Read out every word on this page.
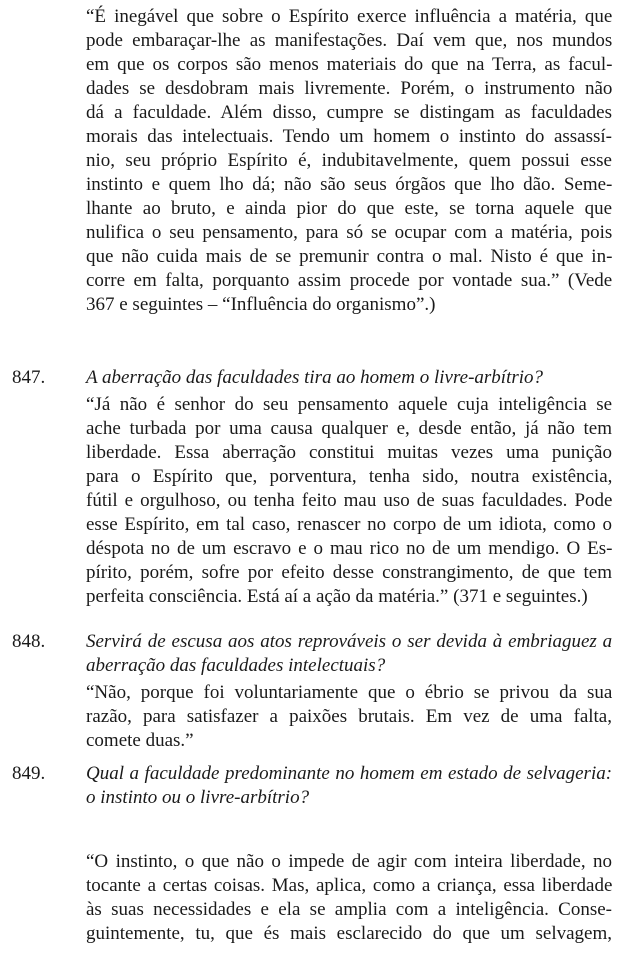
“É inegável que sobre o Espírito exerce influência a matéria, que
pode embaraçar-lhe as manifestações. Daí vem que, nos mundos
em que os corpos são menos materiais do que na Terra, as facul-
dades se desdobram mais livremente. Porém, o instrumento não
dá a faculdade. Além disso, cumpre se distingam as faculdades
morais das intelectuais. Tendo um homem o instinto do assassí-
nio, seu próprio Espírito é, indubitavelmente, quem possui esse
instinto e quem lho dá; não são seus órgãos que lho dão. Seme-
lhante ao bruto, e ainda pior do que este, se torna aquele que
nulifica o seu pensamento, para só se ocupar com a matéria, pois
que não cuida mais de se premunir contra o mal. Nisto é que in-
corre em falta, porquanto assim procede por vontade sua.” (Vede
367 e seguintes – “Influência do organismo”.)
847. A aberração das faculdades tira ao homem o livre-arbítrio?
“Já não é senhor do seu pensamento aquele cuja inteligência se
ache turbada por uma causa qualquer e, desde então, já não tem
liberdade. Essa aberração constitui muitas vezes uma punição
para o Espírito que, porventura, tenha sido, noutra existência,
fútil e orgulhoso, ou tenha feito mau uso de suas faculdades. Pode
esse Espírito, em tal caso, renascer no corpo de um idiota, como o
déspota no de um escravo e o mau rico no de um mendigo. O Es-
pírito, porém, sofre por efeito desse constrangimento, de que tem
perfeita consciência. Está aí a ação da matéria.” (371 e seguintes.)
848. Servirá de escusa aos atos reprováveis o ser devida à embriaguez a
aberração das faculdades intelectuais?
“Não, porque foi voluntariamente que o ébrio se privou da sua
razão, para satisfazer a paixões brutais. Em vez de uma falta,
comete duas.”
849. Qual a faculdade predominante no homem em estado de selvageria:
o instinto ou o livre-arbítrio?
“O instinto, o que não o impede de agir com inteira liberdade, no
tocante a certas coisas. Mas, aplica, como a criança, essa liberdade
às suas necessidades e ela se amplia com a inteligência. Conse-
guintemente, tu, que és mais esclarecido do que um selvagem,
